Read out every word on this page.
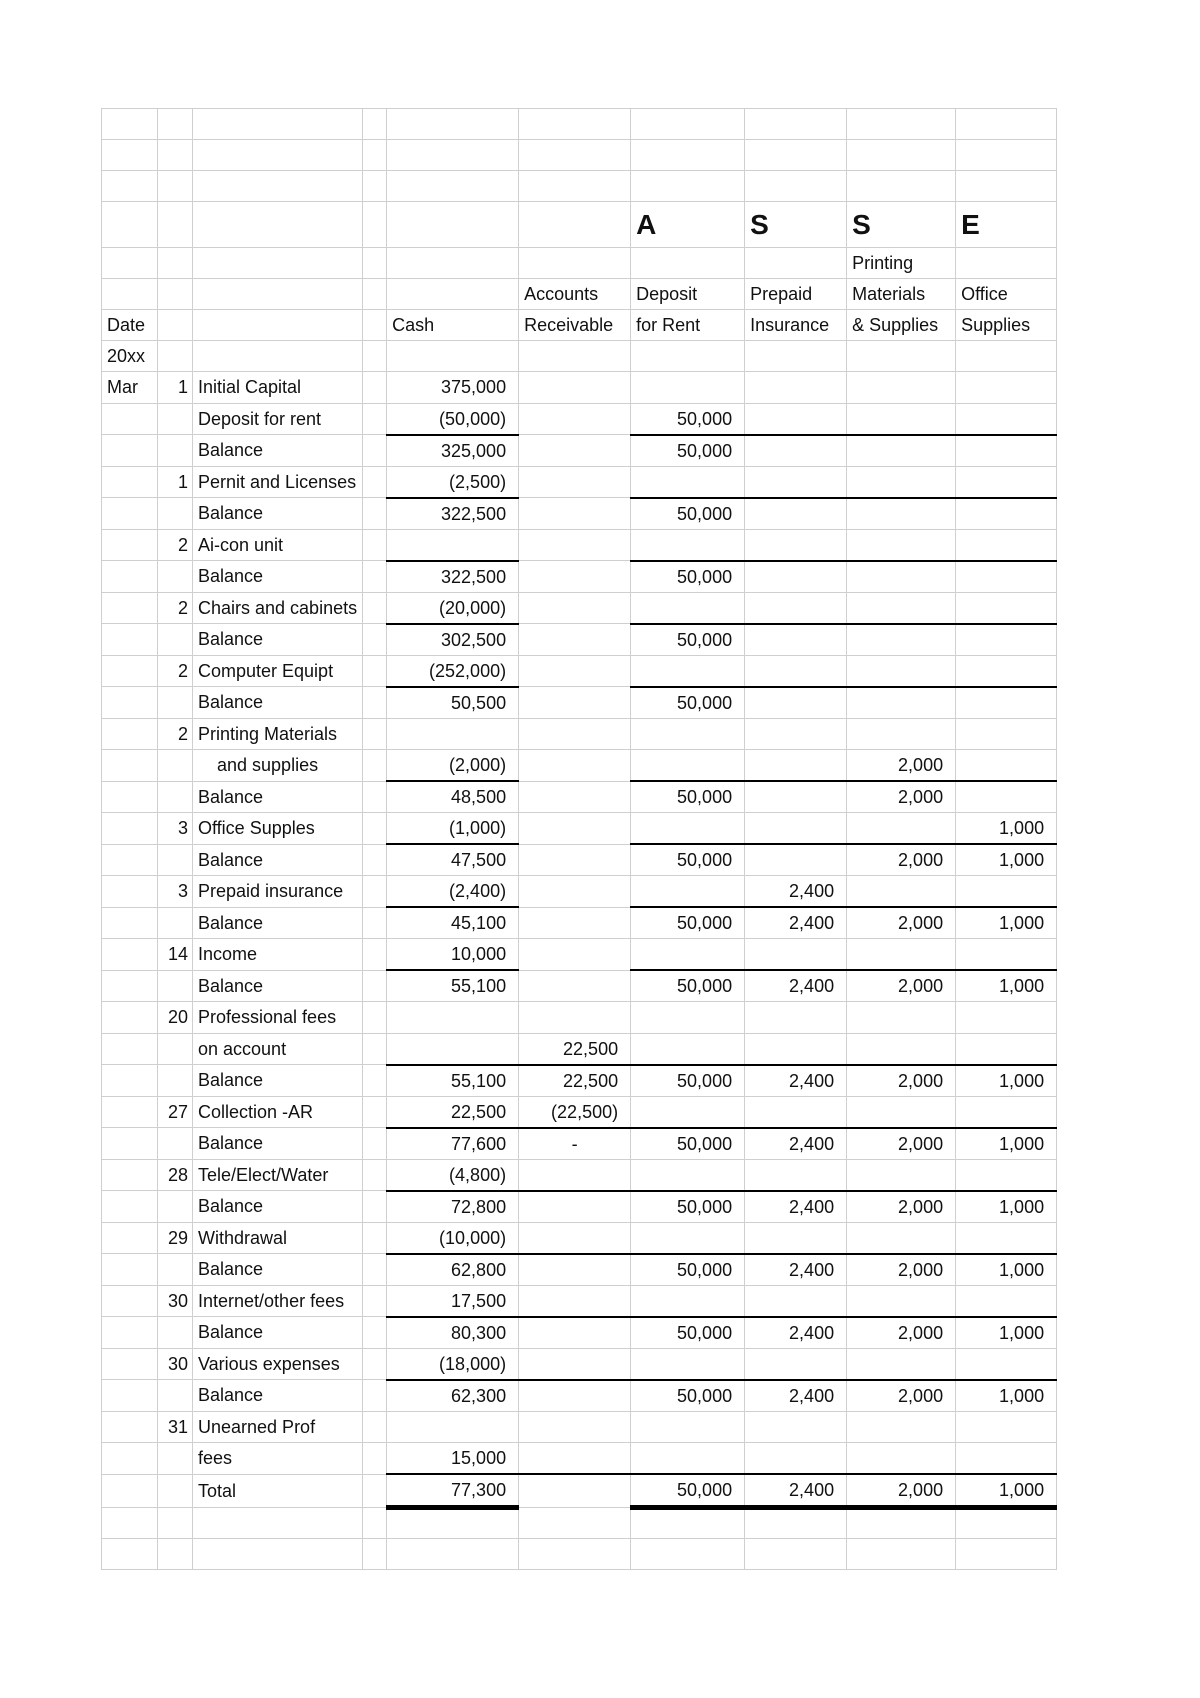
						A	S	S	E
								Printing	
					Accounts	Deposit	Prepaid	Materials	Office
Date				Cash	Receivable	for Rent	Insurance	& Supplies	Supplies
20xx									
Mar	1	Initial Capital		375,000					
		Deposit for rent		(50,000)		50,000			
		Balance		325,000		50,000			
	1	Pernit and Licenses		(2,500)					
		Balance		322,500		50,000			
	2	Ai-con unit							
		Balance		322,500		50,000			
	2	Chairs and cabinets		(20,000)					
		Balance		302,500		50,000			
	2	Computer Equipt		(252,000)					
		Balance		50,500		50,000			
	2	Printing Materials							
		and supplies		(2,000)				2,000	
		Balance		48,500		50,000		2,000	
	3	Office Supples		(1,000)					1,000
		Balance		47,500		50,000		2,000	1,000
	3	Prepaid insurance		(2,400)			2,400		
		Balance		45,100		50,000	2,400	2,000	1,000
	14	Income		10,000					
		Balance		55,100		50,000	2,400	2,000	1,000
	20	Professional fees							
		on account			22,500				
		Balance		55,100	22,500	50,000	2,400	2,000	1,000
	27	Collection -AR		22,500	(22,500)				
		Balance		77,600	-	50,000	2,400	2,000	1,000
	28	Tele/Elect/Water		(4,800)					
		Balance		72,800		50,000	2,400	2,000	1,000
	29	Withdrawal		(10,000)					
		Balance		62,800		50,000	2,400	2,000	1,000
	30	Internet/other fees		17,500					
		Balance		80,300		50,000	2,400	2,000	1,000
	30	Various expenses		(18,000)					
		Balance		62,300		50,000	2,400	2,000	1,000
	31	Unearned Prof							
		fees		15,000					
		Total		77,300		50,000	2,400	2,000	1,000
